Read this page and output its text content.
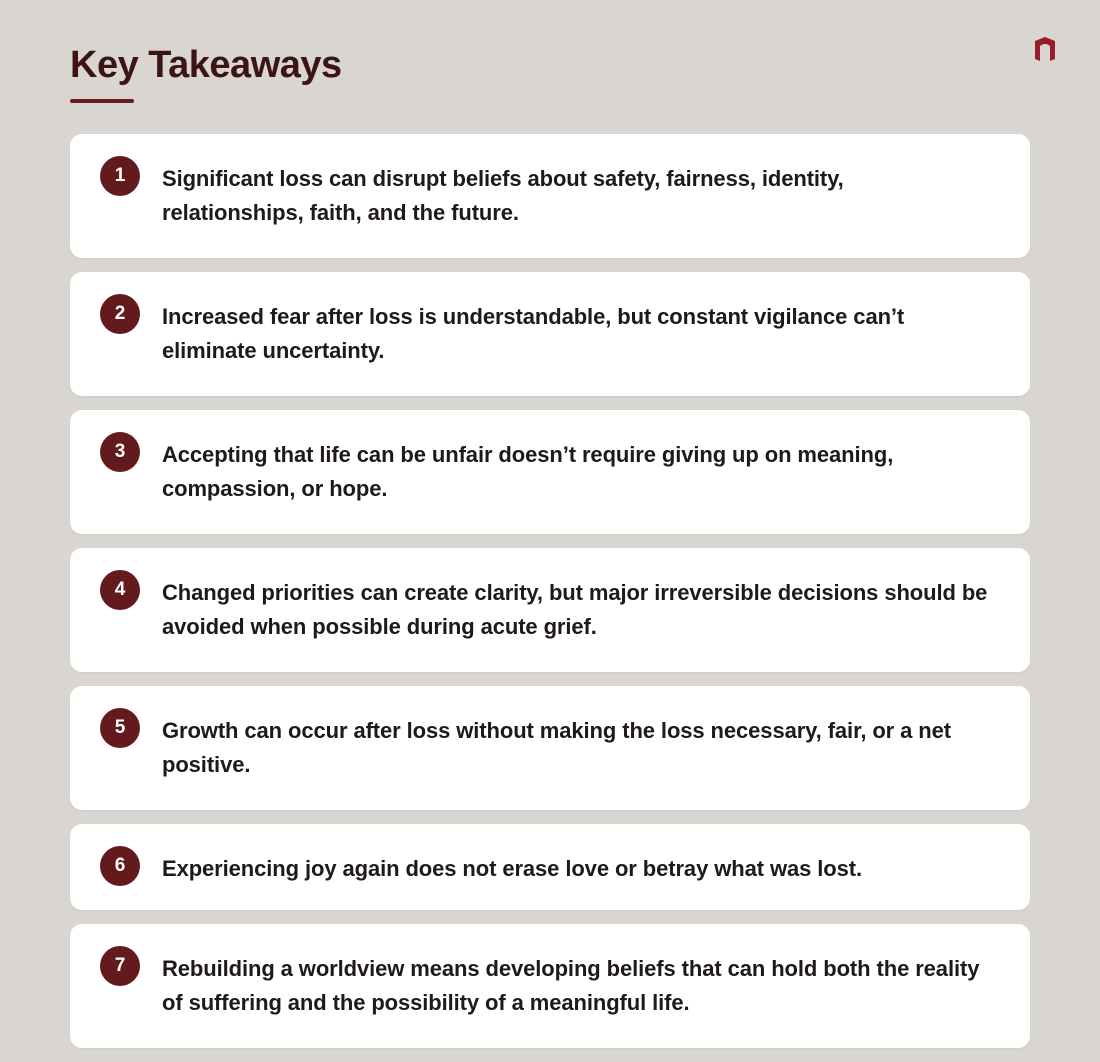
Key Takeaways
1	Significant loss can disrupt beliefs about safety, fairness, identity, relationships, faith, and the future.

2	Increased fear after loss is understandable, but constant vigilance can’t eliminate uncertainty.

3	Accepting that life can be unfair doesn’t require giving up on meaning, compassion, or hope.

4	Changed priorities can create clarity, but major irreversible decisions should be avoided when possible during acute grief.

5	Growth can occur after loss without making the loss necessary, fair, or a net positive.

6	Experiencing joy again does not erase love or betray what was lost.

7	Rebuilding a worldview means developing beliefs that can hold both the reality of suffering and the possibility of a meaningful life.
